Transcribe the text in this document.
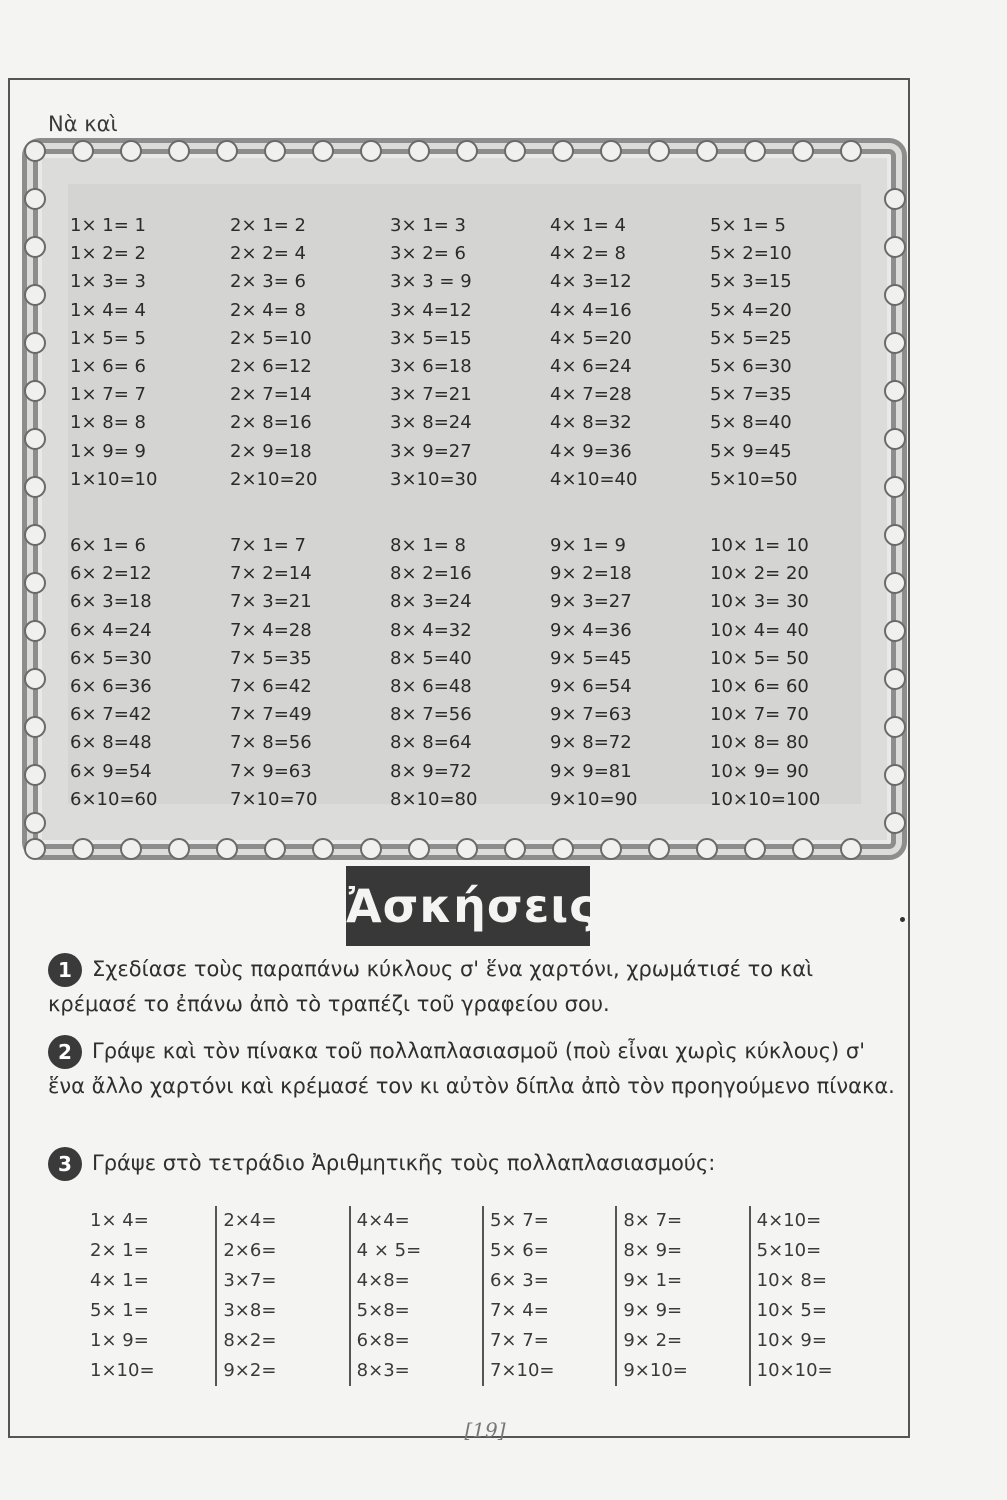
Νὰ καὶ
1× 1= 1
1× 2= 2
1× 3= 3
1× 4= 4
1× 5= 5
1× 6= 6
1× 7= 7
1× 8= 8
1× 9= 9
1×10=10
2× 1= 2
2× 2= 4
2× 3= 6
2× 4= 8
2× 5=10
2× 6=12
2× 7=14
2× 8=16
2× 9=18
2×10=20
3× 1= 3
3× 2= 6
3× 3 = 9
3× 4=12
3× 5=15
3× 6=18
3× 7=21
3× 8=24
3× 9=27
3×10=30
4× 1= 4
4× 2= 8
4× 3=12
4× 4=16
4× 5=20
4× 6=24
4× 7=28
4× 8=32
4× 9=36
4×10=40
5× 1= 5
5× 2=10
5× 3=15
5× 4=20
5× 5=25
5× 6=30
5× 7=35
5× 8=40
5× 9=45
5×10=50
6× 1= 6
6× 2=12
6× 3=18
6× 4=24
6× 5=30
6× 6=36
6× 7=42
6× 8=48
6× 9=54
6×10=60
7× 1= 7
7× 2=14
7× 3=21
7× 4=28
7× 5=35
7× 6=42
7× 7=49
7× 8=56
7× 9=63
7×10=70
8× 1= 8
8× 2=16
8× 3=24
8× 4=32
8× 5=40
8× 6=48
8× 7=56
8× 8=64
8× 9=72
8×10=80
9× 1= 9
9× 2=18
9× 3=27
9× 4=36
9× 5=45
9× 6=54
9× 7=63
9× 8=72
9× 9=81
9×10=90
10× 1= 10
10× 2= 20
10× 3= 30
10× 4= 40
10× 5= 50
10× 6= 60
10× 7= 70
10× 8= 80
10× 9= 90
10×10=100
Ἀσκήσεις
1 Σχεδίασε τοὺς παραπάνω κύκλους σ' ἕνα χαρτόνι, χρωμάτισέ το καὶ κρέμασέ το ἐπάνω ἀπὸ τὸ τραπέζι τοῦ γραφείου σου.
2 Γράψε καὶ τὸν πίνακα τοῦ πολλαπλασιασμοῦ (ποὺ εἶναι χωρὶς κύκλους) σ' ἕνα ἄλλο χαρτόνι καὶ κρέμασέ τον κι αὐτὸν δίπλα ἀπὸ τὸν προηγούμενο πίνακα.
3 Γράψε στὸ τετράδιο Ἀριθμητικῆς τοὺς πολλαπλασιασμούς:
1× 4=
2× 1=
4× 1=
5× 1=
1× 9=
1×10=
2×4=
2×6=
3×7=
3×8=
8×2=
9×2=
4×4=
4 × 5=
4×8=
5×8=
6×8=
8×3=
5× 7=
5× 6=
6× 3=
7× 4=
7× 7=
7×10=
8× 7=
8× 9=
9× 1=
9× 9=
9× 2=
9×10=
4×10=
5×10=
10× 8=
10× 5=
10× 9=
10×10=
[19]
